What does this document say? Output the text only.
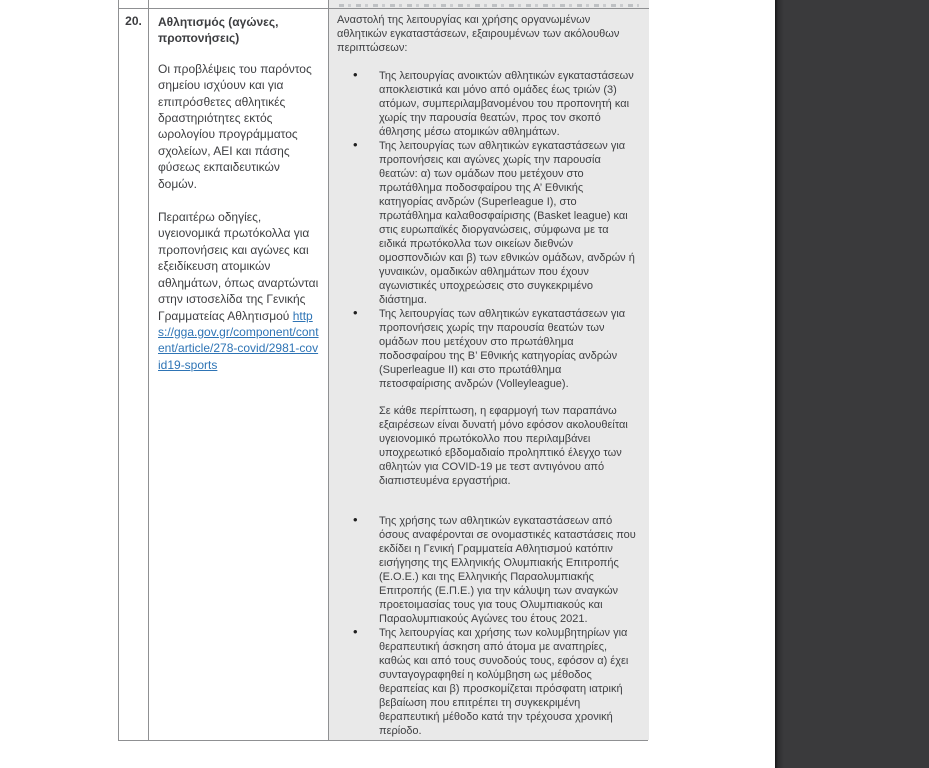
20.	Αθλητισμός (αγώνες, προπονήσεις)

Οι προβλέψεις του παρόντος σημείου ισχύουν και για επιπρόσθετες αθλητικές δραστηριότητες εκτός ωρολογίου προγράμματος σχολείων, ΑΕΙ και πάσης φύσεως εκπαιδευτικών δομών.

Περαιτέρω οδηγίες, υγειονομικά πρωτόκολλα για προπονήσεις και αγώνες και εξειδίκευση ατομικών αθλημάτων, όπως αναρτώνται στην ιστοσελίδα της Γενικής Γραμματείας Αθλητισμού https://gga.gov.gr/component/content/article/278-covid/2981-covid19-sports

Αναστολή της λειτουργίας και χρήσης οργανωμένων αθλητικών εγκαταστάσεων, εξαιρουμένων των ακόλουθων περιπτώσεων:

• Της λειτουργίας ανοικτών αθλητικών εγκαταστάσεων αποκλειστικά και μόνο από ομάδες έως τριών (3) ατόμων, συμπεριλαμβανομένου του προπονητή και χωρίς την παρουσία θεατών, προς τον σκοπό άθλησης μέσω ατομικών αθλημάτων.
• Της λειτουργίας των αθλητικών εγκαταστάσεων για προπονήσεις και αγώνες χωρίς την παρουσία θεατών: α) των ομάδων που μετέχουν στο πρωτάθλημα ποδοσφαίρου της Α’ Εθνικής κατηγορίας ανδρών (Superleague I), στο πρωτάθλημα καλαθοσφαίρισης (Basket league) και στις ευρωπαϊκές διοργανώσεις, σύμφωνα με τα ειδικά πρωτόκολλα των οικείων διεθνών ομοσπονδιών και β) των εθνικών ομάδων, ανδρών ή γυναικών, ομαδικών αθλημάτων που έχουν αγωνιστικές υποχρεώσεις στο συγκεκριμένο διάστημα.
• Της λειτουργίας των αθλητικών εγκαταστάσεων για προπονήσεις χωρίς την παρουσία θεατών των ομάδων που μετέχουν στο πρωτάθλημα ποδοσφαίρου της Β’ Εθνικής κατηγορίας ανδρών (Superleague II) και στο πρωτάθλημα πετοσφαίρισης ανδρών (Volleyleague).

Σε κάθε περίπτωση, η εφαρμογή των παραπάνω εξαιρέσεων είναι δυνατή μόνο εφόσον ακολουθείται υγειονομικό πρωτόκολλο που περιλαμβάνει υποχρεωτικό εβδομαδιαίο προληπτικό έλεγχο των αθλητών για COVID-19 με τεστ αντιγόνου από διαπιστευμένα εργαστήρια.

• Της χρήσης των αθλητικών εγκαταστάσεων από όσους αναφέρονται σε ονομαστικές καταστάσεις που εκδίδει η Γενική Γραμματεία Αθλητισμού κατόπιν εισήγησης της Ελληνικής Ολυμπιακής Επιτροπής (Ε.Ο.Ε.) και της Ελληνικής Παραολυμπιακής Επιτροπής (Ε.Π.Ε.) για την κάλυψη των αναγκών προετοιμασίας τους για τους Ολυμπιακούς και Παραολυμπιακούς Αγώνες του έτους 2021.
• Της λειτουργίας και χρήσης των κολυμβητηρίων για θεραπευτική άσκηση από άτομα με αναπηρίες, καθώς και από τους συνοδούς τους, εφόσον α) έχει συνταγογραφηθεί η κολύμβηση ως μέθοδος θεραπείας και β) προσκομίζεται πρόσφατη ιατρική βεβαίωση που επιτρέπει τη συγκεκριμένη θεραπευτική μέθοδο κατά την τρέχουσα χρονική περίοδο.
